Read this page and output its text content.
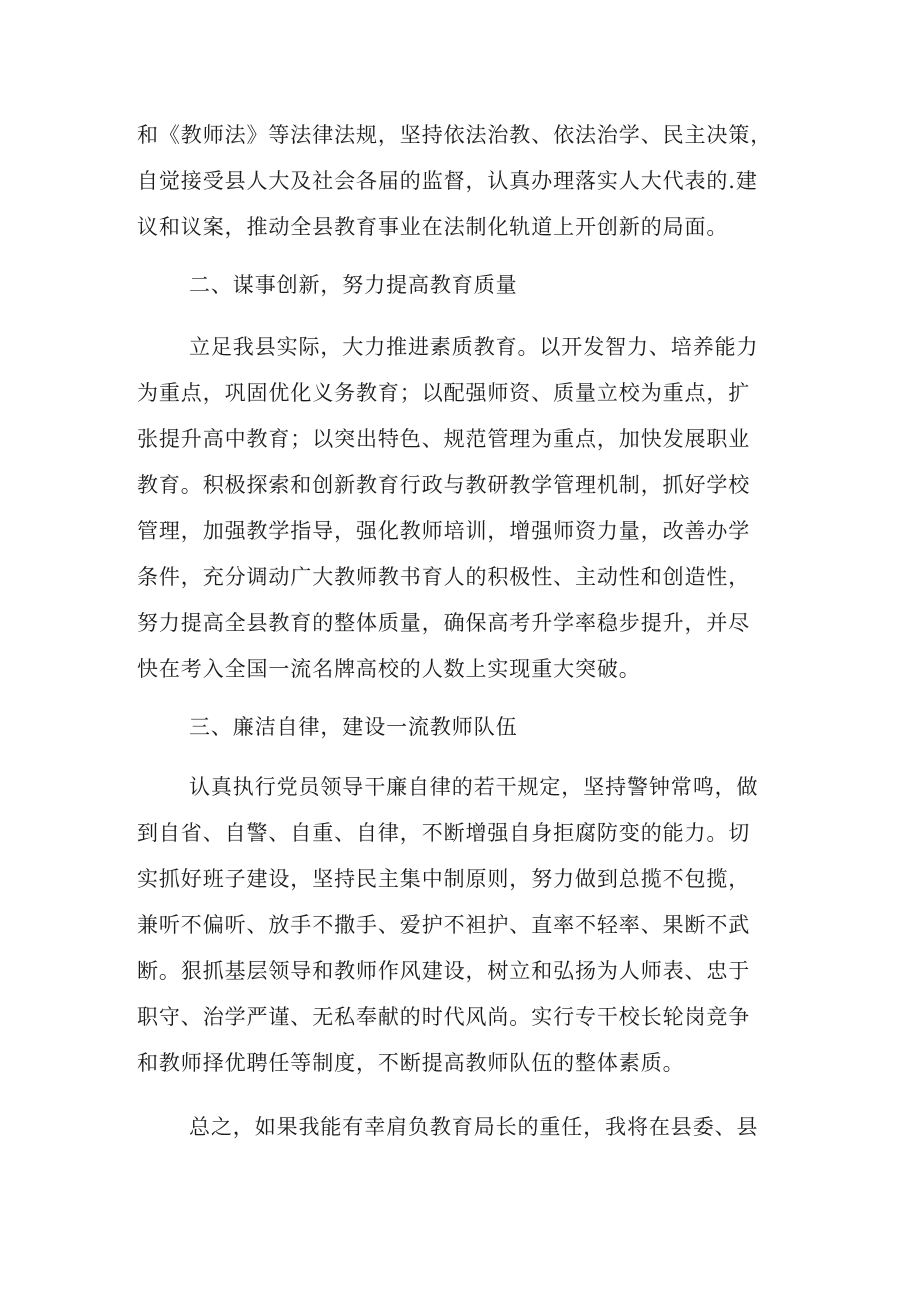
和《教师法》等法律法规，坚持依法治教、依法治学、民主决策，
自觉接受县人大及社会各届的监督，认真办理落实人大代表的.建
议和议案，推动全县教育事业在法制化轨道上开创新的局面。
二、谋事创新，努力提高教育质量
立足我县实际，大力推进素质教育。以开发智力、培养能力
为重点，巩固优化义务教育；以配强师资、质量立校为重点，扩
张提升高中教育；以突出特色、规范管理为重点，加快发展职业
教育。积极探索和创新教育行政与教研教学管理机制，抓好学校
管理，加强教学指导，强化教师培训，增强师资力量，改善办学
条件，充分调动广大教师教书育人的积极性、主动性和创造性，
努力提高全县教育的整体质量，确保高考升学率稳步提升，并尽
快在考入全国一流名牌高校的人数上实现重大突破。
三、廉洁自律，建设一流教师队伍
认真执行党员领导干廉自律的若干规定，坚持警钟常鸣，做
到自省、自警、自重、自律，不断增强自身拒腐防变的能力。切
实抓好班子建设，坚持民主集中制原则，努力做到总揽不包揽，
兼听不偏听、放手不撒手、爱护不袒护、直率不轻率、果断不武
断。狠抓基层领导和教师作风建设，树立和弘扬为人师表、忠于
职守、治学严谨、无私奉献的时代风尚。实行专干校长轮岗竞争
和教师择优聘任等制度，不断提高教师队伍的整体素质。
总之，如果我能有幸肩负教育局长的重任，我将在县委、县
